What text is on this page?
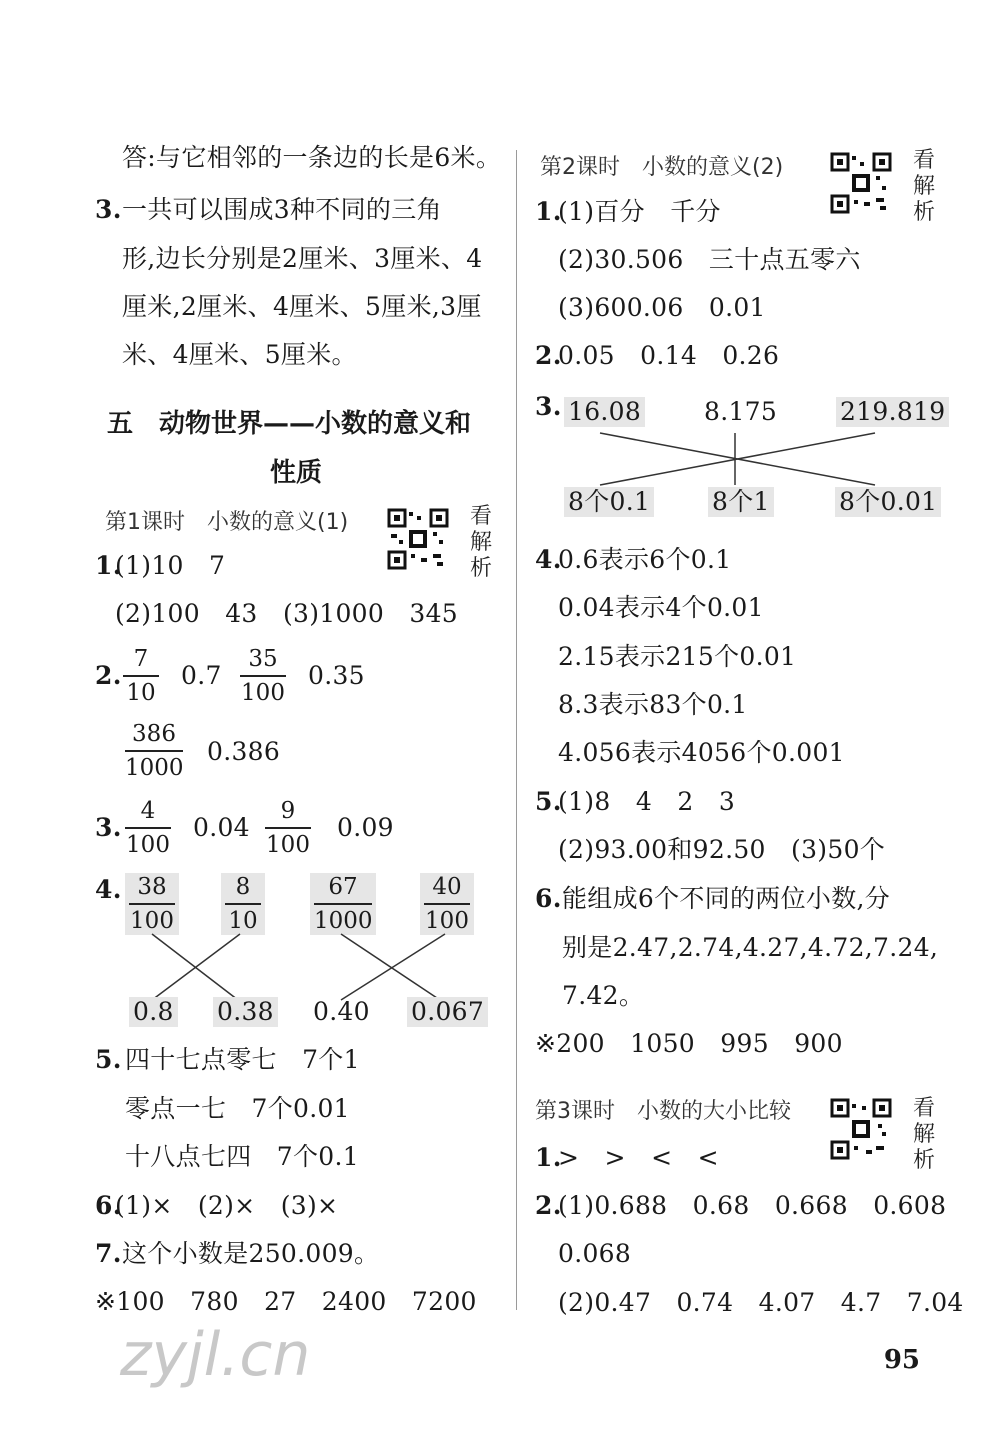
答:与它相邻的一条边的长是6米。
3. 一共可以围成3种不同的三角
形,边长分别是2厘米、3厘米、4
厘米,2厘米、4厘米、5厘米,3厘
米、4厘米、5厘米。
五　动物世界——小数的意义和
性质
第1课时　小数的意义(1)	看
解
析
1.
(1)10　7
(2)100　43　(3)1000　345
2.
7
10
0.7
35
100
0.35
386
1000
0.386
3.
4
100
0.04
9
100
0.09
4. 38
100
8
10
67
1000
40
100
0.8 0.38 0.40 0.067
5. 四十七点零七　7个1
零点一七　7个0.01
十八点七四　7个0.1
6.
(1)×　(2)×　(3)×
7. 这个小数是250.009。
※100　780　27　2400　7200
第2课时　小数的意义(2)	看
解
析
1.
(1)百分　千分
(2)30.506　三十点五零六
(3)600.06　0.01
2.
0.05　0.14　0.26
3. 16.08	8.175	219.819
8个0.1 8个1	8个0.01
4.
0.6表示6个0.1
0.04表示4个0.01
2.15表示215个0.01
8.3表示83个0.1
4.056表示4056个0.001
5.
(1)8　4　2　3
(2)93.00和92.50　(3)50个
6. 能组成6个不同的两位小数,分
别是2.47,2.74,4.27,4.72,7.24,
7.42。
※200　1050　995　900
第3课时　小数的大小比较	看
解
析
1.
>　>　<　<
2.
(1)0.688　0.68　0.668　0.608
0.068
(2)0.47　0.74　4.07　4.7　7.04
zyjl.cn	95
